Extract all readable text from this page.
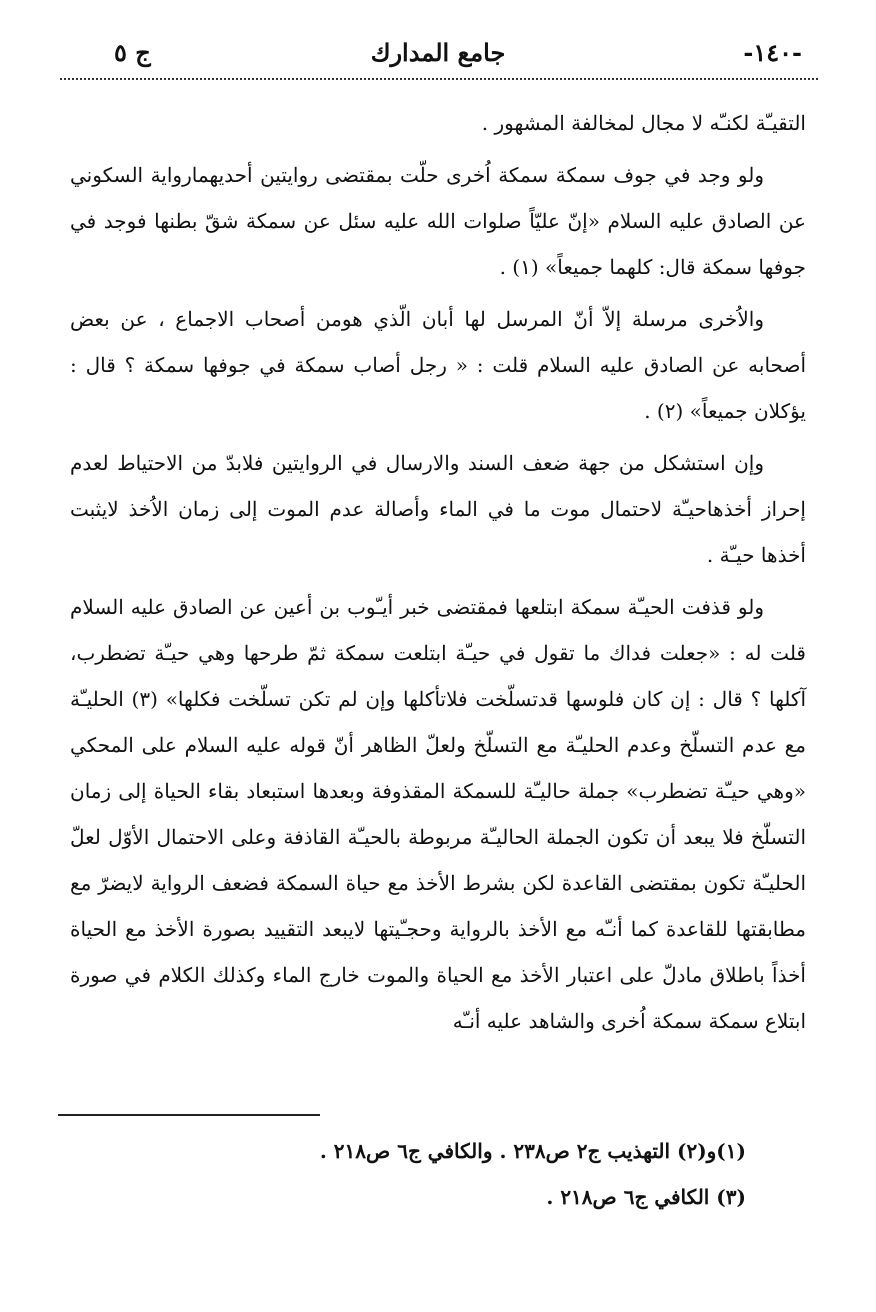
-١٤٠-
جامع المدارك
ج ٥

التقيـّة لكنـّه لا مجال لمخالفة المشهور .

ولو وجد في جوف سمكة سمكة اُخرى حلّت بمقتضى روايتين أحديهمارواية السكوني عن الصادق عليه السلام «إنّ عليّاً صلوات الله عليه سئل عن سمكة شقّ بطنها فوجد في جوفها سمكة قال: كلهما جميعاً» (١) .

والاُخرى مرسلة إلاّ أنّ المرسل لها أبان الّذي هومن أصحاب الاجماع ، عن بعض أصحابه عن الصادق عليه السلام قلت : « رجل أصاب سمكة في جوفها سمكة ؟ قال : يؤكلان جميعاً» (٢) .

وإن استشكل من جهة ضعف السند والارسال في الروايتين فلابدّ من الاحتياط لعدم إحراز أخذهاحيـّة لاحتمال موت ما في الماء وأصالة عدم الموت إلى زمان الاُخذ لايثبت أخذها حيـّة .

ولو قذفت الحيـّة سمكة ابتلعها فمقتضى خبر أيـّوب بن أعين عن الصادق عليه السلام قلت له : «جعلت فداك ما تقول في حيـّة ابتلعت سمكة ثمّ طرحها وهي حيـّة تضطرب، آكلها ؟ قال : إن كان فلوسها قدتسلّخت فلاتأكلها وإن لم تكن تسلّخت فكلها» (٣) الحليـّة مع عدم التسلّخ وعدم الحليـّة مع التسلّخ ولعلّ الظاهر أنّ قوله عليه السلام على المحكي «وهي حيـّة تضطرب» جملة حاليـّة للسمكة المقذوفة وبعدها استبعاد بقاء الحياة إلى زمان التسلّخ فلا يبعد أن تكون الجملة الحاليـّة مربوطة بالحيـّة القاذفة وعلى الاحتمال الأوّل لعلّ الحليـّة تكون بمقتضى القاعدة لكن بشرط الأخذ مع حياة السمكة فضعف الرواية لايضرّ مع مطابقتها للقاعدة كما أنـّه مع الأخذ بالرواية وحجـّيتها لايبعد التقييد بصورة الأخذ مع الحياة أخذاً باطلاق مادلّ على اعتبار الأخذ مع الحياة والموت خارج الماء وكذلك الكلام في صورة ابتلاع سمكة سمكة اُخرى والشاهد عليه أنـّه

(١)و(٢) التهذيب ج٢ ص٢٣٨ . والكافي ج٦ ص٢١٨ .
(٣) الكافي ج٦ ص٢١٨ .
